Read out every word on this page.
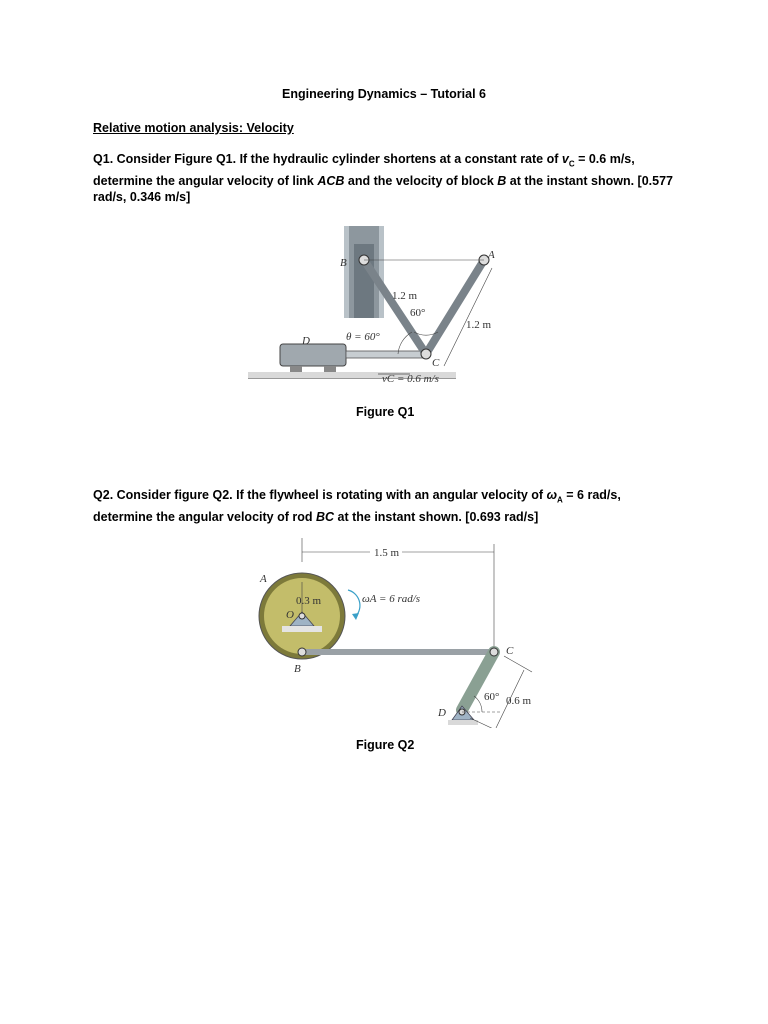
Engineering Dynamics – Tutorial 6
Relative motion analysis: Velocity
Q1. Consider Figure Q1. If the hydraulic cylinder shortens at a constant rate of $v_C = 0.6$ m/s, determine the angular velocity of link ACB and the velocity of block B at the instant shown. [0.577 rad/s, 0.346 m/s]
B
A
C
D
1.2 m
1.2 m
60°
θ = 60°
vC = 0.6 m/s
Figure Q1
Q2. Consider figure Q2. If the flywheel is rotating with an angular velocity of $\omega_A = 6$ rad/s, determine the angular velocity of rod BC at the instant shown. [0.693 rad/s]
1.5 m
0.3 m	ωA = 6 rad/s
A
O
B
C
D
60° 0.6 m
Figure Q2
